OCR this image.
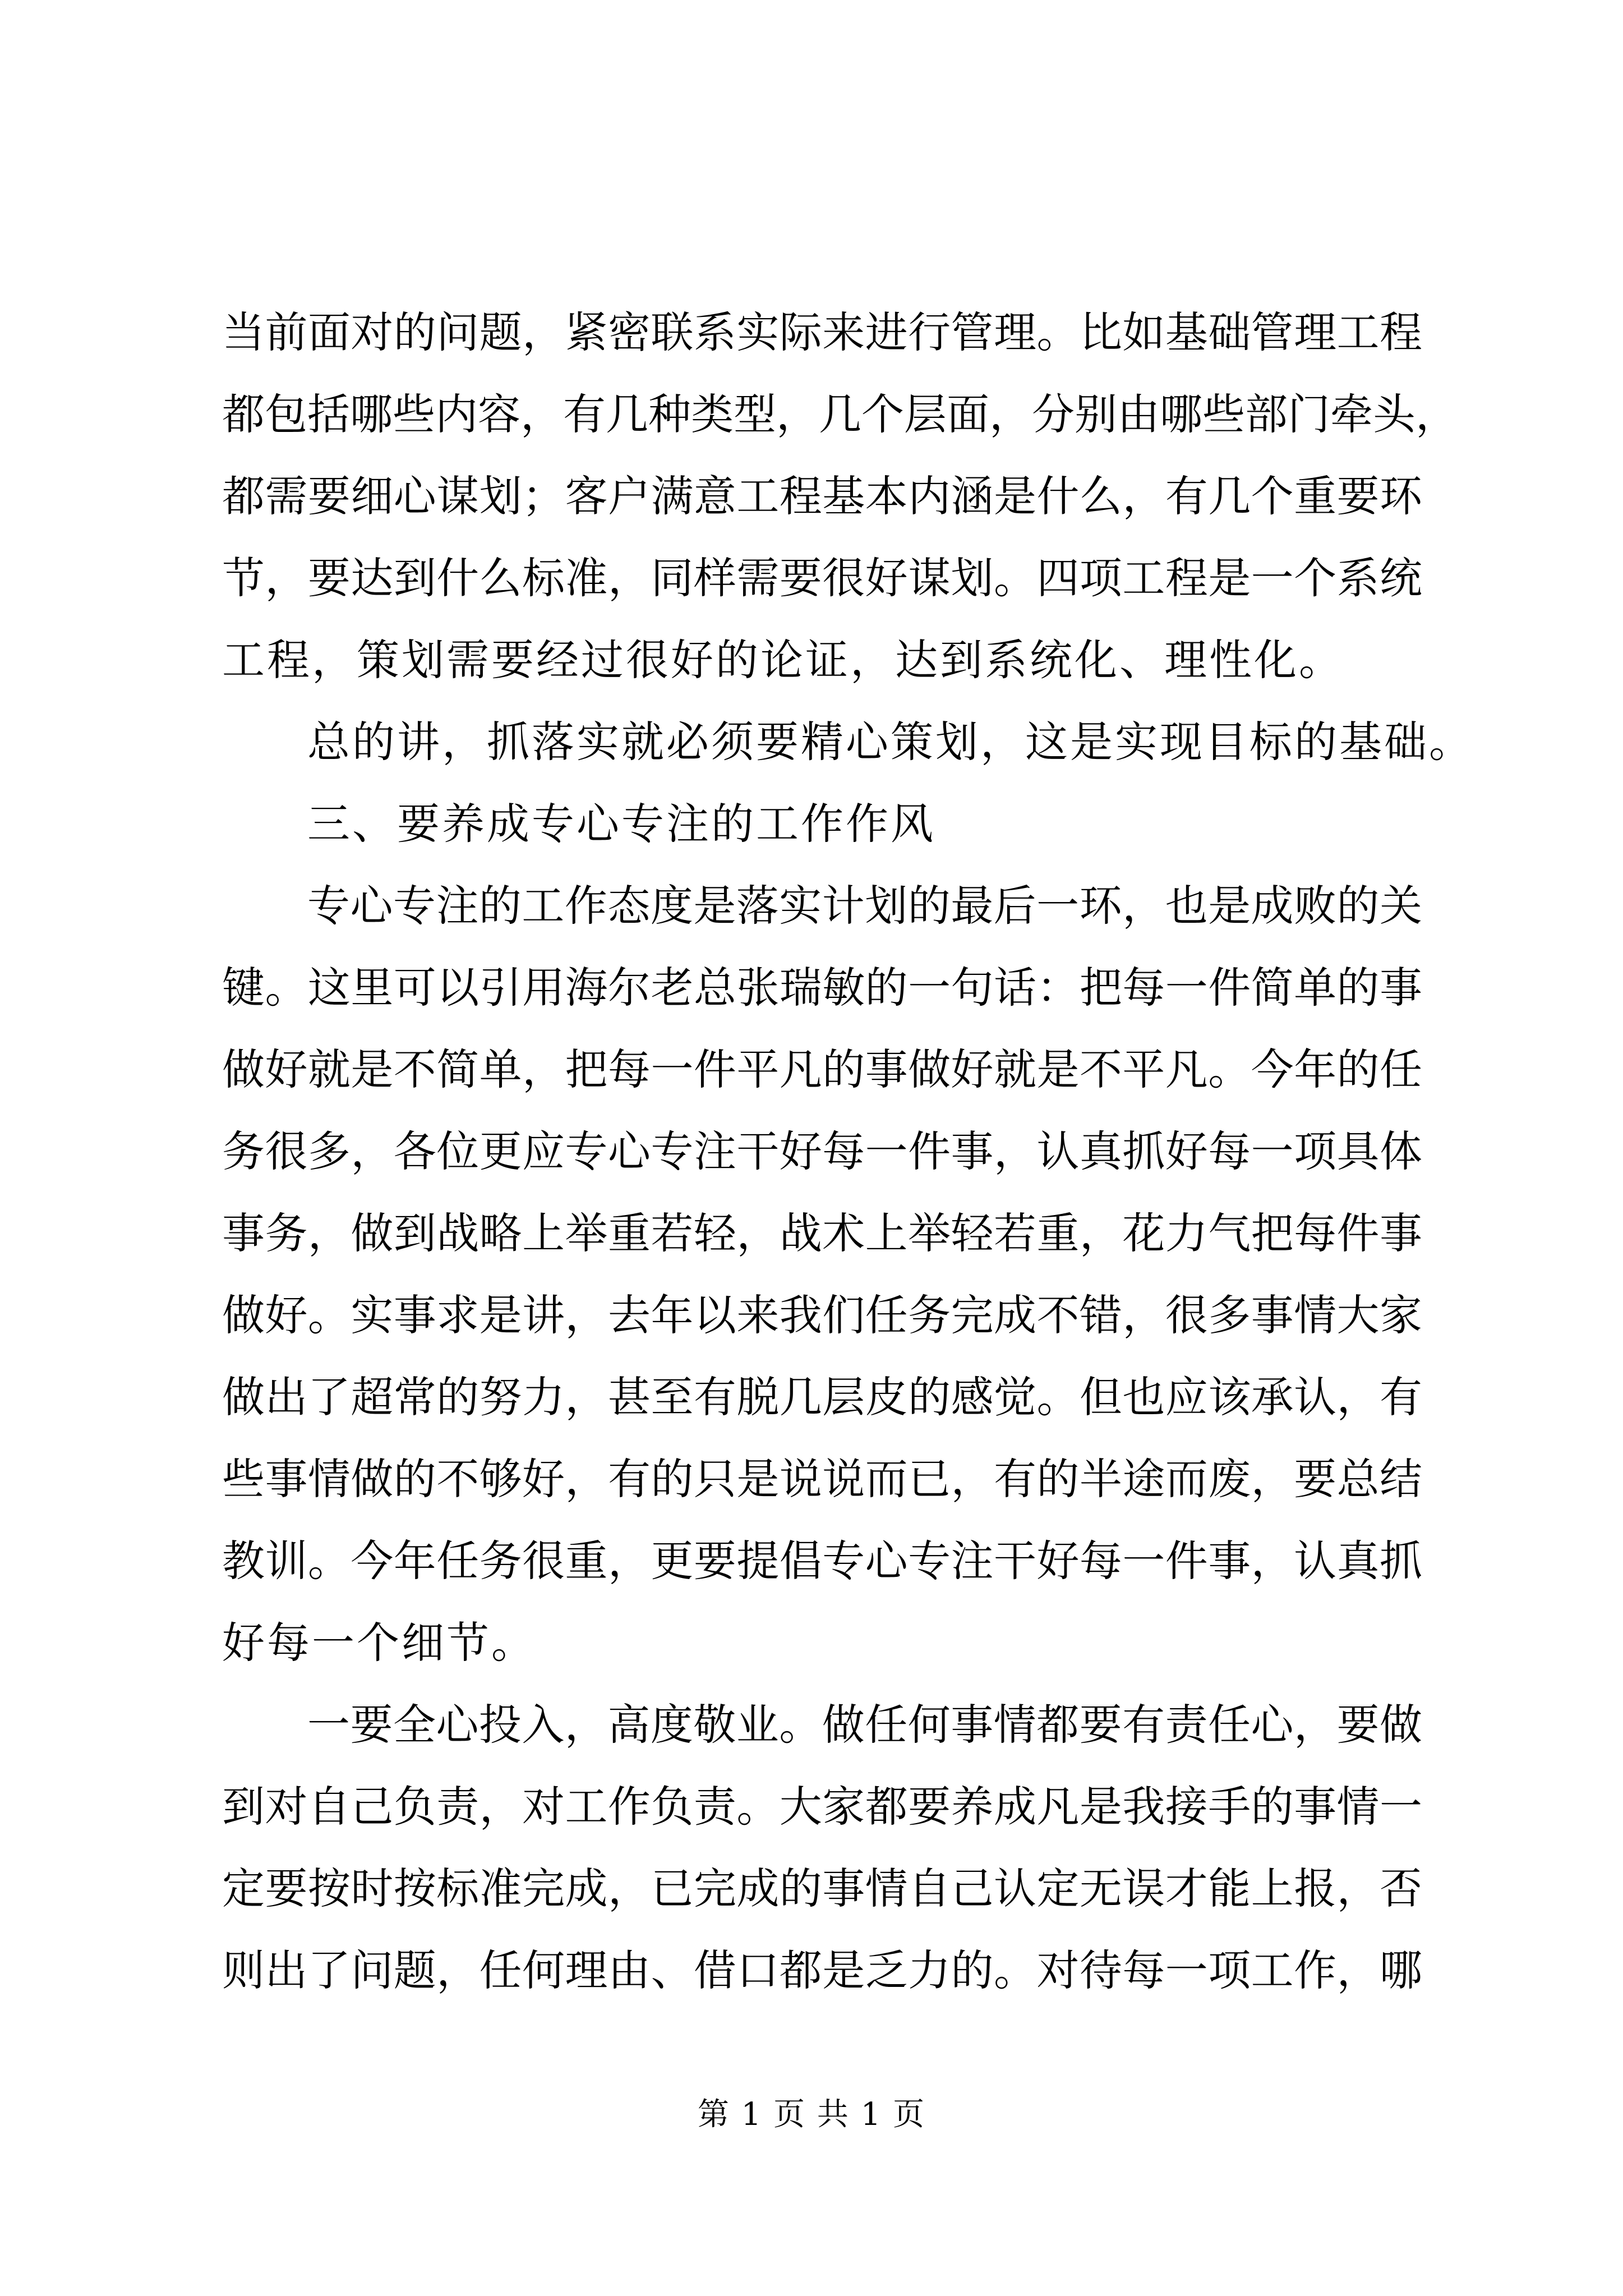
当前面对的问题，紧密联系实际来进行管理。比如基础管理工程
都包括哪些内容，有几种类型，几个层面，分别由哪些部门牵头，
都需要细心谋划；客户满意工程基本内涵是什么，有几个重要环
节，要达到什么标准，同样需要很好谋划。四项工程是一个系统
工程，策划需要经过很好的论证，达到系统化、理性化。
总的讲，抓落实就必须要精心策划，这是实现目标的基础。
三、要养成专心专注的工作作风
专心专注的工作态度是落实计划的最后一环，也是成败的关
键。这里可以引用海尔老总张瑞敏的一句话：把每一件简单的事
做好就是不简单，把每一件平凡的事做好就是不平凡。今年的任
务很多，各位更应专心专注干好每一件事，认真抓好每一项具体
事务，做到战略上举重若轻，战术上举轻若重，花力气把每件事
做好。实事求是讲，去年以来我们任务完成不错，很多事情大家
做出了超常的努力，甚至有脱几层皮的感觉。但也应该承认，有
些事情做的不够好，有的只是说说而已，有的半途而废，要总结
教训。今年任务很重，更要提倡专心专注干好每一件事，认真抓
好每一个细节。
一要全心投入，高度敬业。做任何事情都要有责任心，要做
到对自己负责，对工作负责。大家都要养成凡是我接手的事情一
定要按时按标准完成，已完成的事情自己认定无误才能上报，否
则出了问题，任何理由、借口都是乏力的。对待每一项工作，哪
第 1 页 共 1 页
